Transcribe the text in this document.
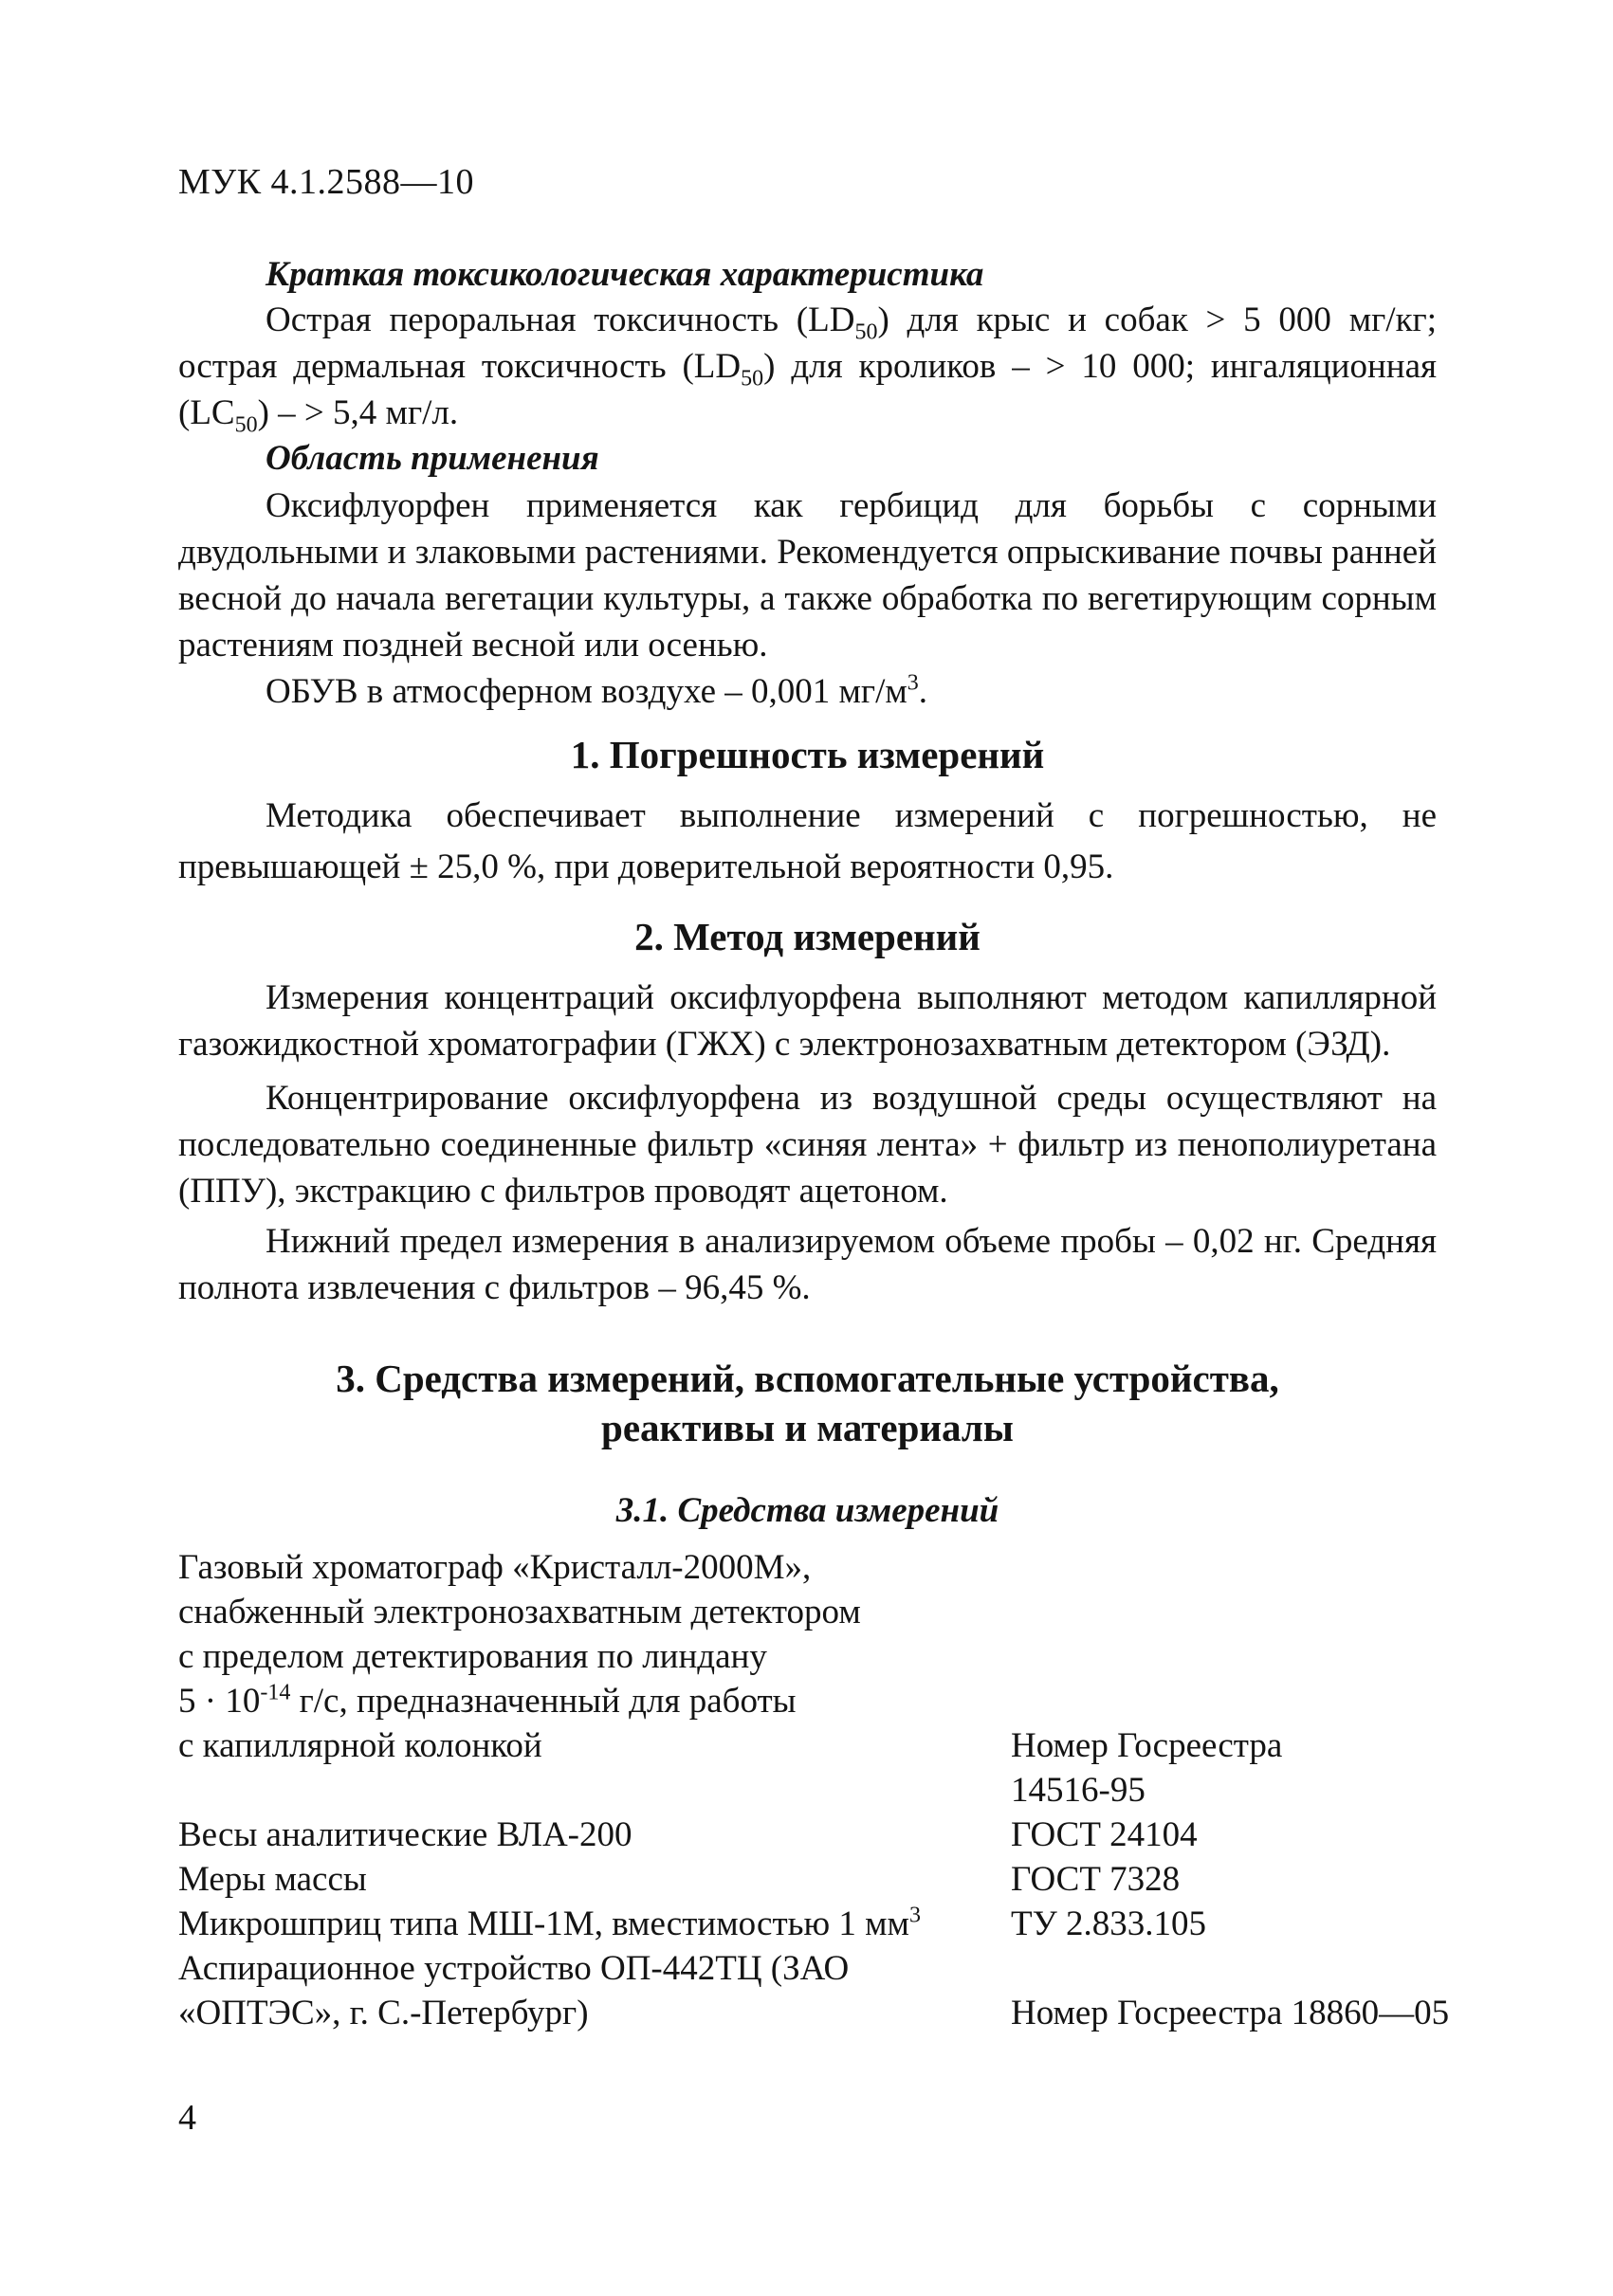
МУК 4.1.2588—10
Краткая токсикологическая характеристика

Острая пероральная токсичность $(LD_{50})$ для крыс и собак > 5 000 мг/кг; острая дермальная токсичность $(LD_{50})$ для кроликов – > 10 000; ингаляционная $(LC_{50})$ – > 5,4 мг/л.

Область применения

Оксифлуорфен применяется как гербицид для борьбы с сорными двудольными и злаковыми растениями. Рекомендуется опрыскивание почвы ранней весной до начала вегетации культуры, а также обработка по вегетирующим сорным растениям поздней весной или осенью.

ОБУВ в атмосферном воздухе – 0,001 $мг/м^3$.

1. Погрешность измерений

Методика обеспечивает выполнение измерений с погрешностью, не превышающей ± 25,0 %, при доверительной вероятности 0,95.

2. Метод измерений

Измерения концентраций оксифлуорфена выполняют методом капиллярной газожидкостной хроматографии (ГЖХ) с электронозахватным детектором (ЭЗД).

Концентрирование оксифлуорфена из воздушной среды осуществляют на последовательно соединенные фильтр «синяя лента» + фильтр из пенополиуретана (ППУ), экстракцию с фильтров проводят ацетоном.

Нижний предел измерения в анализируемом объеме пробы – 0,02 нг. Средняя полнота извлечения с фильтров – 96,45 %.

3. Средства измерений, вспомогательные устройства,
реактивы и материалы
3.1. Средства измерений
Газовый хроматограф «Кристалл-2000М»,
снабженный электронозахватным детектором
с пределом детектирования по линдану
$5 \cdot 10^{-14}$ г/с, предназначенный для работы
с капиллярной колонкой	Номер Госреестра
14516-95
Весы аналитические ВЛА-200	ГОСТ 24104
Меры массы	ГОСТ 7328
Микрошприц типа МШ-1М, вместимостью 1 $мм^3$	ТУ 2.833.105
Аспирационное устройство ОП-442ТЦ (ЗАО
«ОПТЭС», г. С.-Петербург)	Номер Госреестра 18860—05
4
